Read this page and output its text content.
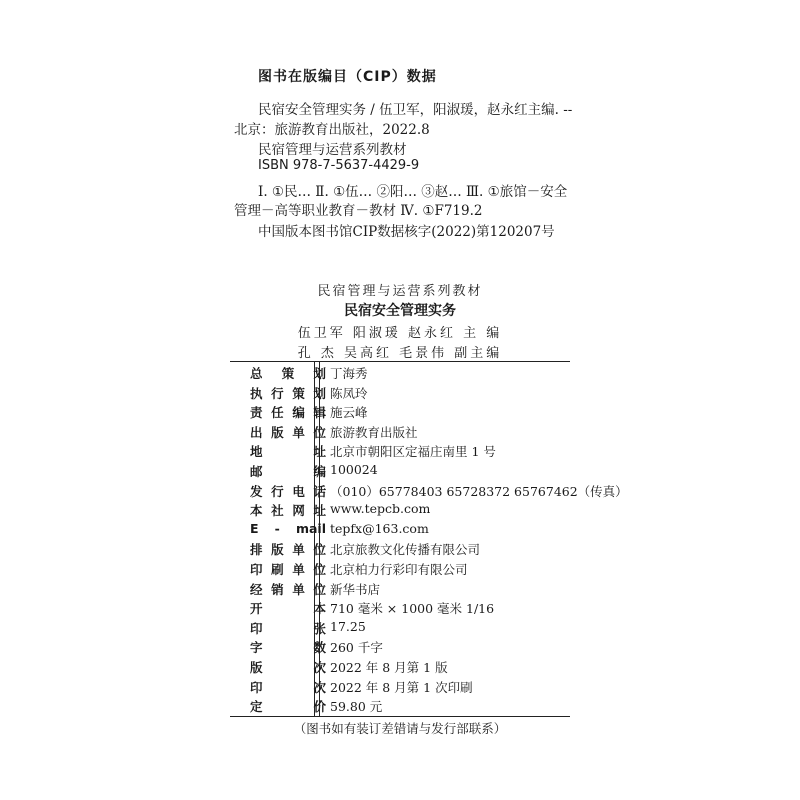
图书在版编目（CIP）数据
民宿安全管理实务 / 伍卫军，阳淑瑗，赵永红主编. --
北京：旅游教育出版社，2022.8
民宿管理与运营系列教材
ISBN 978-7-5637-4429-9
Ⅰ. ①民… Ⅱ. ①伍… ②阳… ③赵… Ⅲ. ①旅馆－安全
管理－高等职业教育－教材 Ⅳ. ①F719.2
中国版本图书馆CIP数据核字(2022)第120207号
民宿管理与运营系列教材
民宿安全管理实务
伍卫军 阳淑瑗 赵永红 主 编
孔 杰 吴高红 毛景伟 副主编
总 策 划 丁海秀
执行策划 陈凤玲
责任编辑 施云峰
出版单位 旅游教育出版社
地 址 北京市朝阳区定福庄南里 1 号
邮 编 100024
发行电话 （010）65778403 65728372 65767462（传真）
本社网址 www.tepcb.com
E - mail tepfx@163.com
排版单位 北京旅教文化传播有限公司
印刷单位 北京柏力行彩印有限公司
经销单位 新华书店
开 本 710 毫米 × 1000 毫米 1/16
印 张 17.25
字 数 260 千字
版 次 2022 年 8 月第 1 版
印 次 2022 年 8 月第 1 次印刷
定 价 59.80 元
（图书如有装订差错请与发行部联系）
